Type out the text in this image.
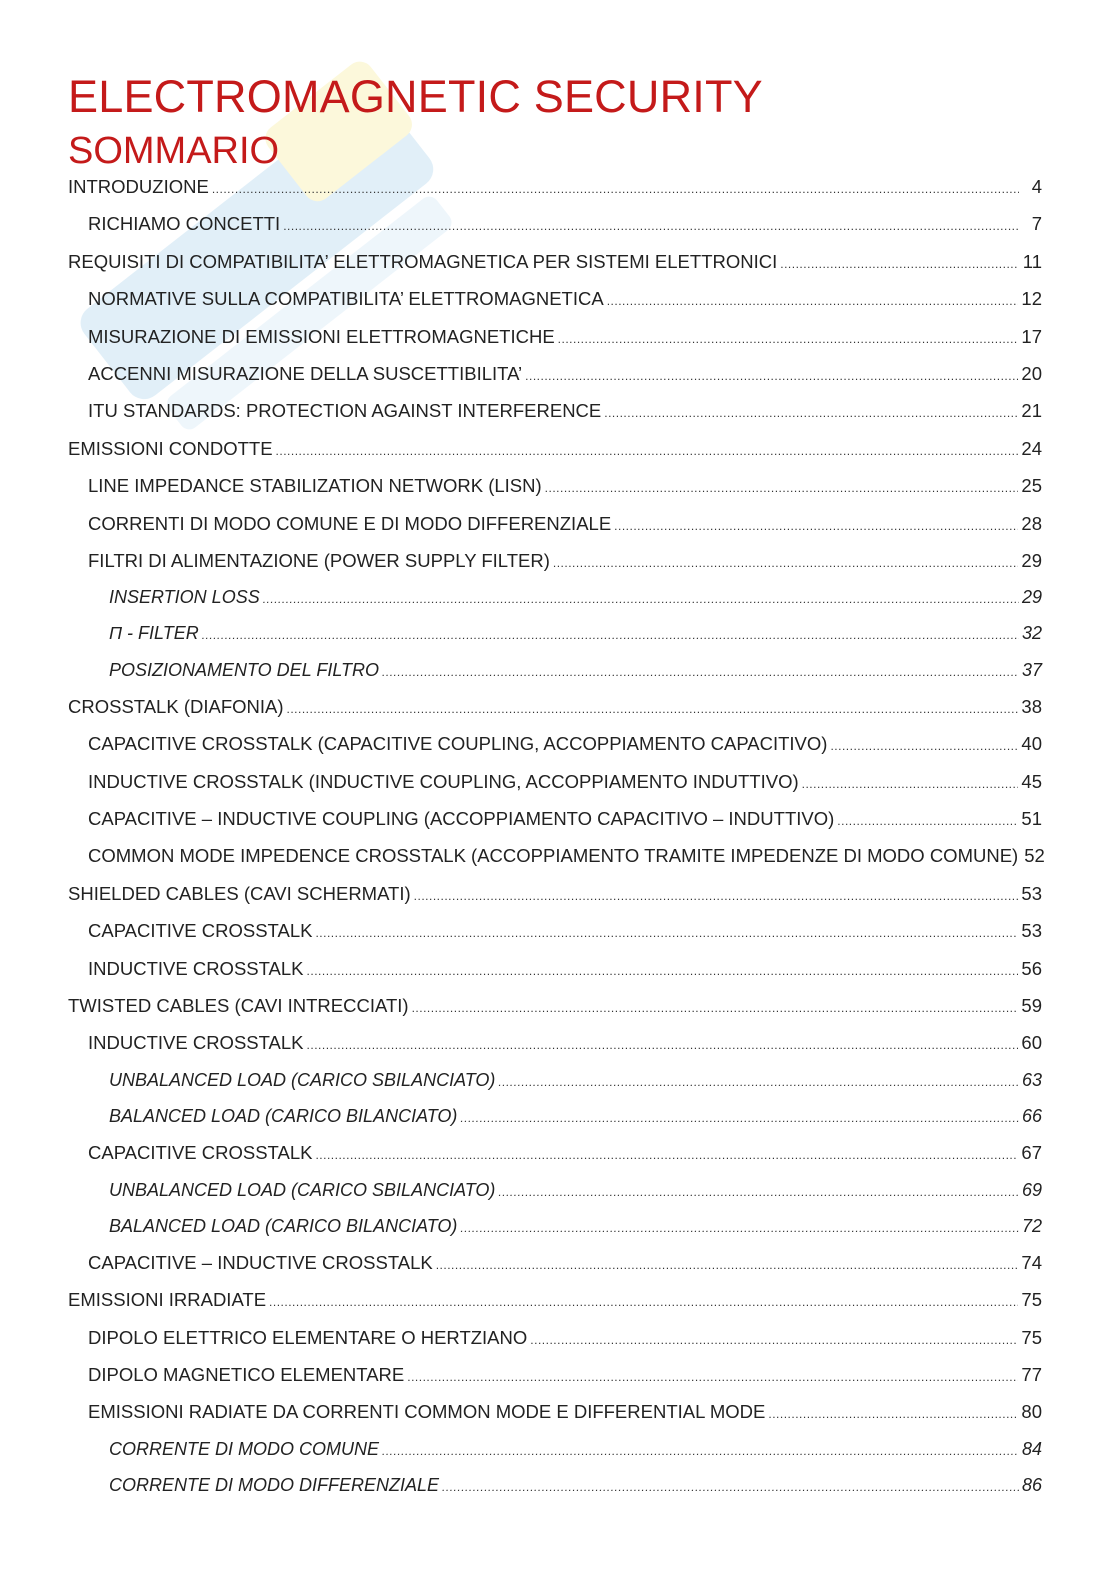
ELECTROMAGNETIC SECURITY
SOMMARIO
INTRODUZIONE .....	4
RICHIAMO CONCETTI .....	7
REQUISITI DI COMPATIBILITA’ ELETTROMAGNETICA PER SISTEMI ELETTRONICI .....	11
NORMATIVE SULLA COMPATIBILITA’ ELETTROMAGNETICA .....	12
MISURAZIONE DI EMISSIONI ELETTROMAGNETICHE .....	17
ACCENNI MISURAZIONE DELLA SUSCETTIBILITA’ .....	20
ITU STANDARDS: PROTECTION AGAINST INTERFERENCE .....	21
EMISSIONI CONDOTTE .....	24
LINE IMPEDANCE STABILIZATION NETWORK (LISN) .....	25
CORRENTI DI MODO COMUNE E DI MODO DIFFERENZIALE .....	28
FILTRI DI ALIMENTAZIONE (POWER SUPPLY FILTER) .....	29
INSERTION LOSS .....	29
Π - FILTER .....	32
POSIZIONAMENTO DEL FILTRO .....	37
CROSSTALK (DIAFONIA) .....	38
CAPACITIVE CROSSTALK (CAPACITIVE COUPLING, ACCOPPIAMENTO CAPACITIVO) .....	40
INDUCTIVE CROSSTALK (INDUCTIVE COUPLING, ACCOPPIAMENTO INDUTTIVO) .....	45
CAPACITIVE – INDUCTIVE COUPLING (ACCOPPIAMENTO CAPACITIVO – INDUTTIVO) .....	51
COMMON MODE IMPEDENCE CROSSTALK (ACCOPPIAMENTO TRAMITE IMPEDENZE DI MODO COMUNE) 52
SHIELDED CABLES (CAVI SCHERMATI) .....	53
CAPACITIVE CROSSTALK .....	53
INDUCTIVE CROSSTALK .....	56
TWISTED CABLES (CAVI INTRECCIATI) .....	59
INDUCTIVE CROSSTALK .....	60
UNBALANCED LOAD (CARICO SBILANCIATO) .....	63
BALANCED LOAD (CARICO BILANCIATO) .....	66
CAPACITIVE CROSSTALK .....	67
UNBALANCED LOAD (CARICO SBILANCIATO) .....	69
BALANCED LOAD (CARICO BILANCIATO) .....	72
CAPACITIVE – INDUCTIVE CROSSTALK .....	74
EMISSIONI IRRADIATE .....	75
DIPOLO ELETTRICO ELEMENTARE O HERTZIANO .....	75
DIPOLO MAGNETICO ELEMENTARE .....	77
EMISSIONI RADIATE DA CORRENTI COMMON MODE E DIFFERENTIAL MODE .....	80
CORRENTE DI MODO COMUNE .....	84
CORRENTE DI MODO DIFFERENZIALE .....	86
